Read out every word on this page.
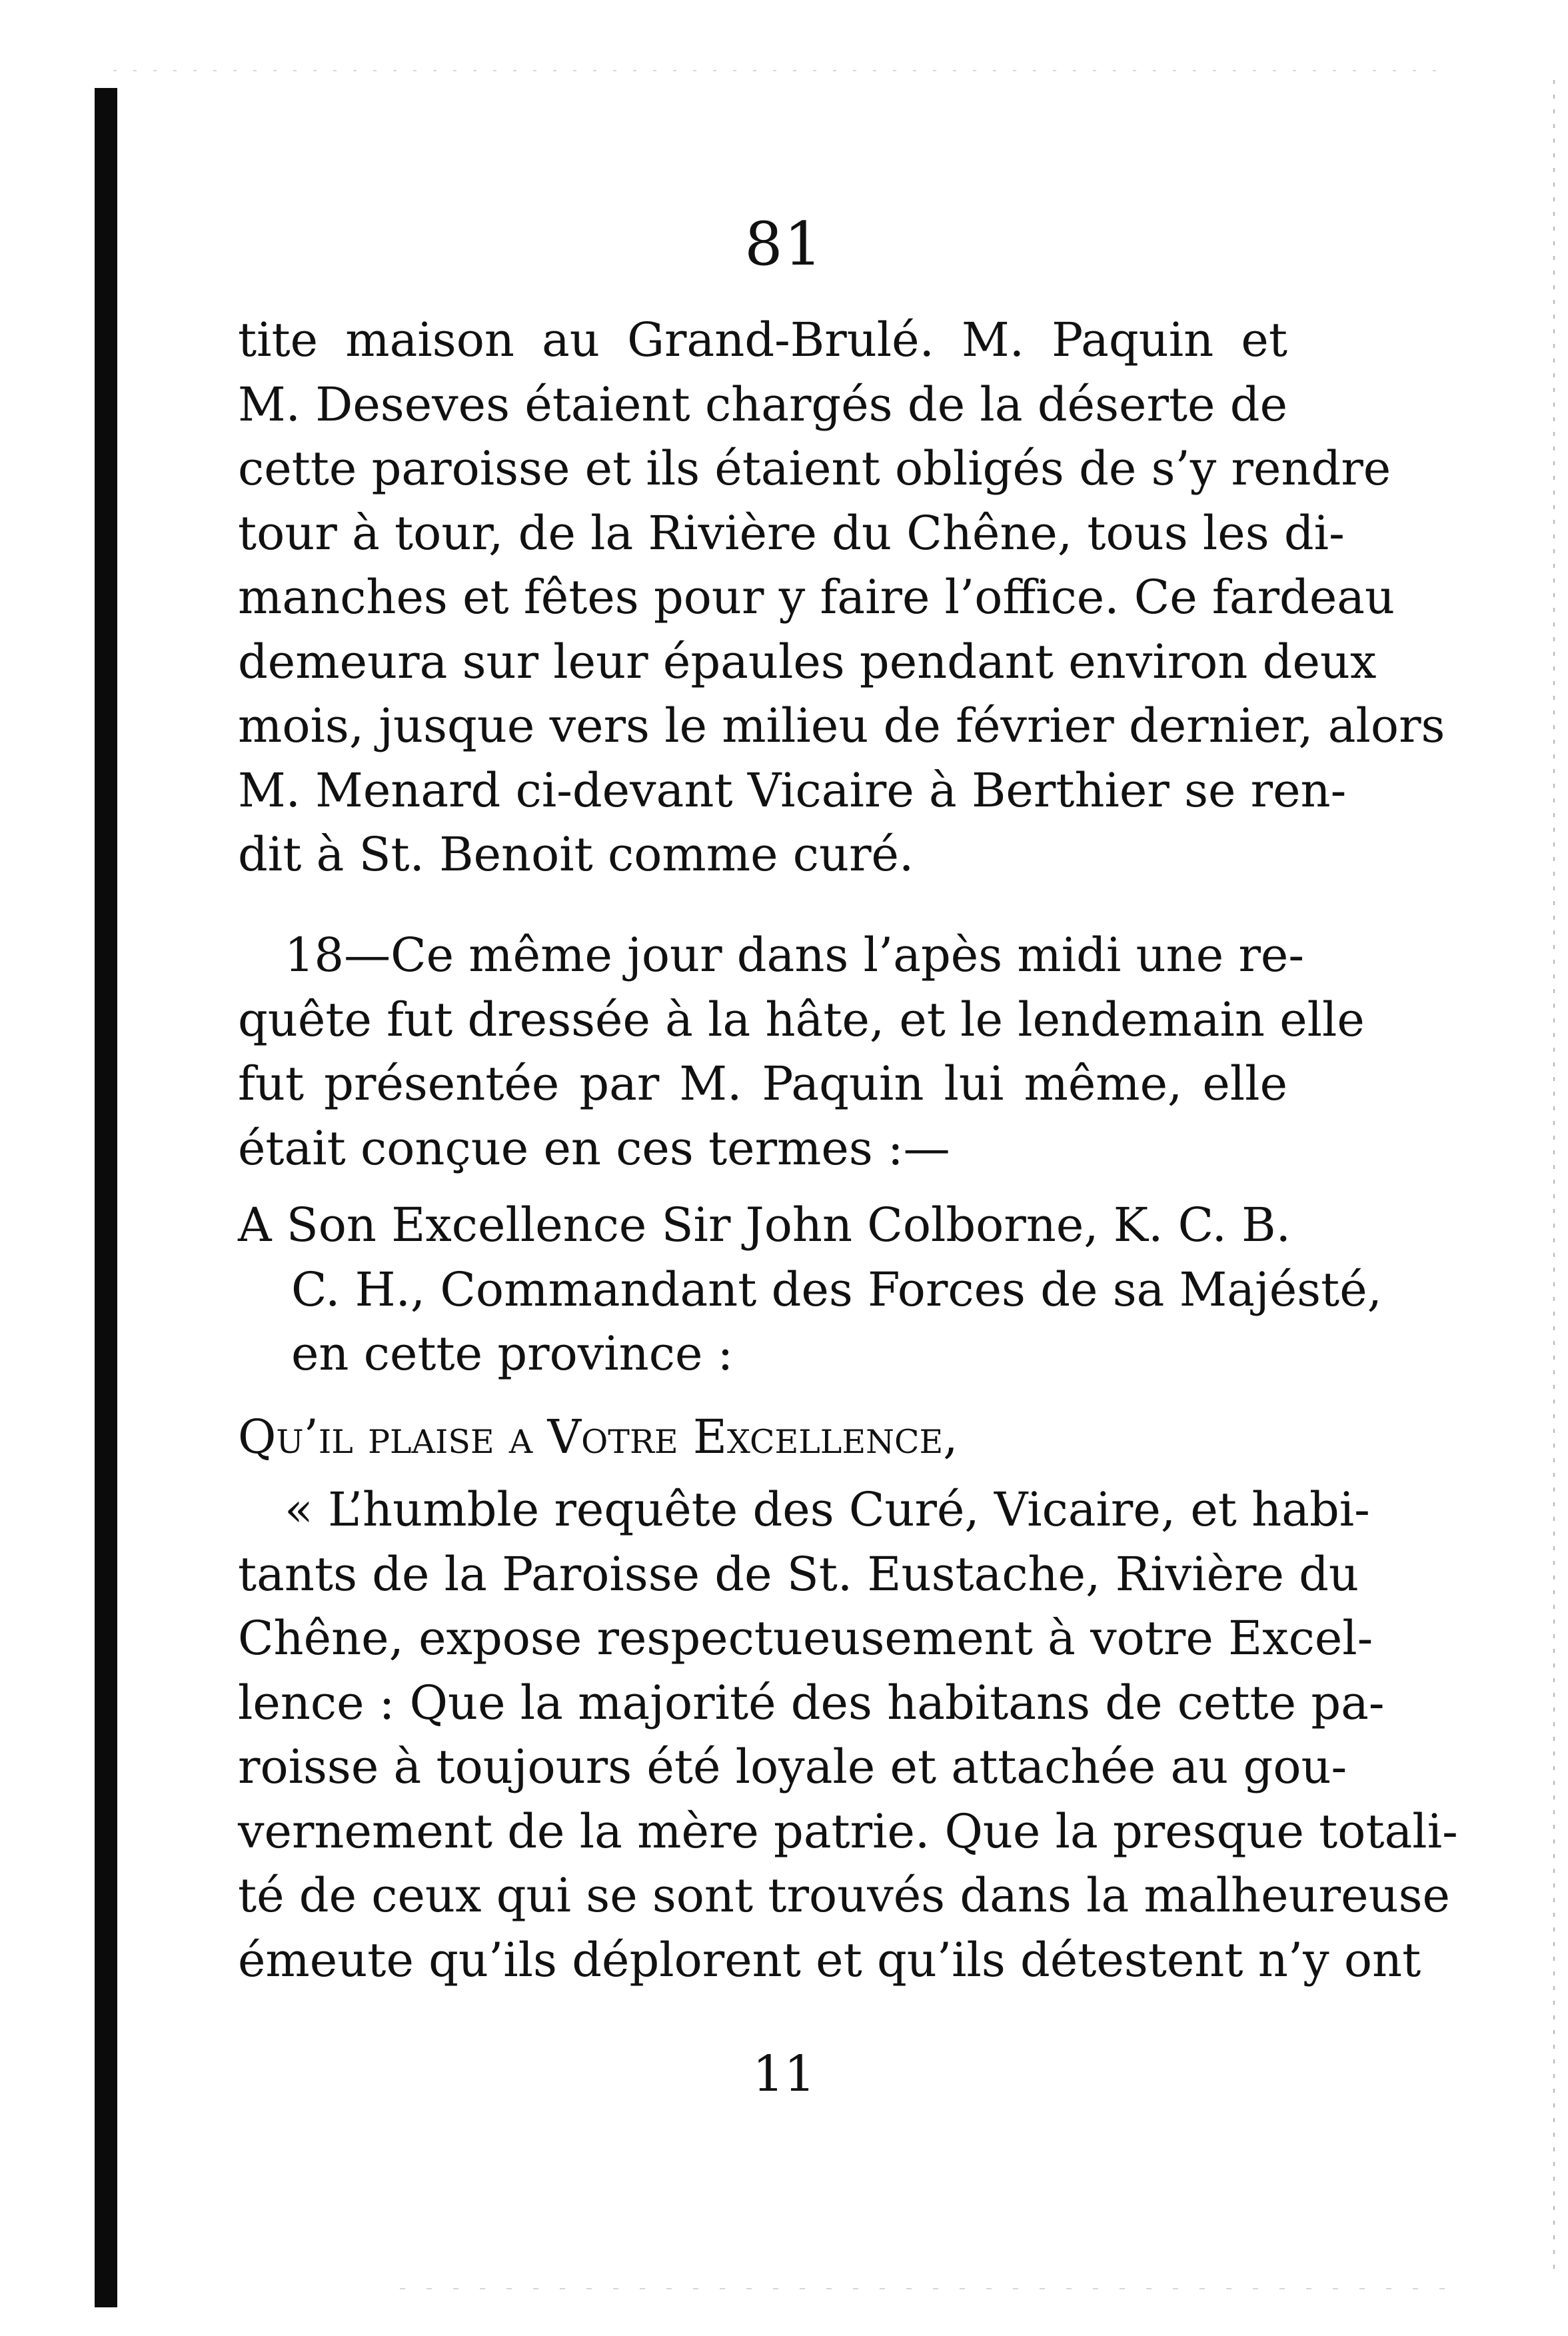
81
tite maison au Grand-Brulé. M. Paquin et
M. Deseves étaient chargés de la déserte de
cette paroisse et ils étaient obligés de s’y rendre
tour à tour, de la Rivière du Chêne, tous les di-
manches et fêtes pour y faire l’office. Ce fardeau
demeura sur leur épaules pendant environ deux
mois, jusque vers le milieu de février dernier, alors
M. Menard ci-devant Vicaire à Berthier se ren-
dit à St. Benoit comme curé.
18—Ce même jour dans l’apès midi une re-
quête fut dressée à la hâte, et le lendemain elle
fut présentée par M. Paquin lui même, elle
était conçue en ces termes :—
A Son Excellence Sir John Colborne, K. C. B.
C. H., Commandant des Forces de sa Majésté,
en cette province :
Qu’il plaise a Votre Excellence,
« L’humble requête des Curé, Vicaire, et habi-
tants de la Paroisse de St. Eustache, Rivière du
Chêne, expose respectueusement à votre Excel-
lence : Que la majorité des habitans de cette pa-
roisse à toujours été loyale et attachée au gou-
vernement de la mère patrie. Que la presque totali-
té de ceux qui se sont trouvés dans la malheureuse
émeute qu’ils déplorent et qu’ils détestent n’y ont
11
